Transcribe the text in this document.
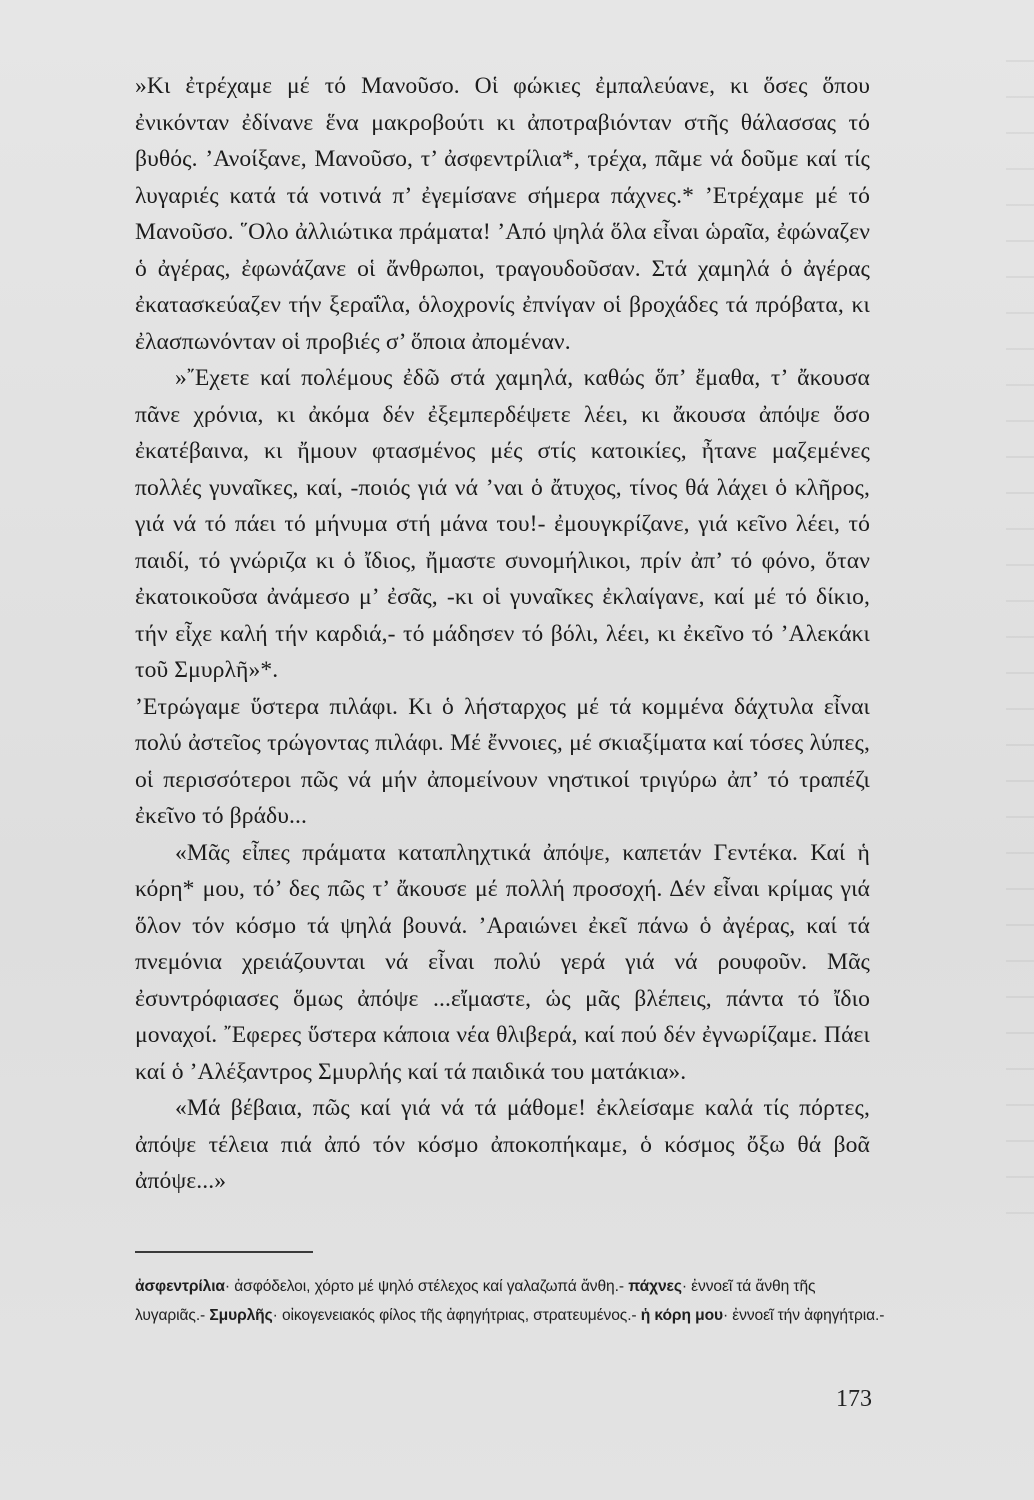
»Κι ἐτρέχαμε μέ τό Μανοῦσο. Οἱ φώκιες ἐμπαλεύανε, κι ὅσες ὅπου ἐνικόνταν ἐδίνανε ἕνα μακροβούτι κι ἀποτραβιόνταν στῆς θάλασσας τό βυθός. ’Ανοίξανε, Μανοῦσο, τ’ ἀσφεντρίλια*, τρέχα, πᾶμε νά δοῦμε καί τίς λυγαριές κατά τά νοτινά π’ ἐγεμίσανε σήμερα πάχνες.* ’Ετρέχαμε μέ τό Μανοῦσο. ῞Ολο ἀλλιώτικα πράματα! ’Από ψηλά ὅλα εἶναι ὡραῖα, ἐφώναζεν ὁ ἀγέρας, ἐφωνάζανε οἱ ἄνθρωποι, τραγουδοῦσαν. Στά χαμηλά ὁ ἀγέρας ἐκατασκεύαζεν τήν ξεραΐλα, ὁλοχρονίς ἐπνίγαν οἱ βροχάδες τά πρόβατα, κι ἐλασπωνόνταν οἱ προβιές σ’ ὅποια ἀπομέναν.

»῎Εχετε καί πολέμους ἐδῶ στά χαμηλά, καθώς ὅπ’ ἔμαθα, τ’ ἄκουσα πᾶνε χρόνια, κι ἀκόμα δέν ἐξεμπερδέψετε λέει, κι ἄκουσα ἀπόψε ὅσο ἐκατέβαινα, κι ἤμουν φτασμένος μές στίς κατοικίες, ἦτανε μαζεμένες πολλές γυναῖκες, καί, -ποιός γιά νά ’ναι ὁ ἄτυχος, τίνος θά λάχει ὁ κλῆρος, γιά νά τό πάει τό μήνυμα στή μάνα του!- ἐμουγκρίζανε, γιά κεῖνο λέει, τό παιδί, τό γνώριζα κι ὁ ἴδιος, ἤμαστε συνομήλικοι, πρίν ἀπ’ τό φόνο, ὅταν ἐκατοικοῦσα ἀνάμεσο μ’ ἐσᾶς, -κι οἱ γυναῖκες ἐκλαίγανε, καί μέ τό δίκιο, τήν εἶχε καλή τήν καρδιά,- τό μάδησεν τό βόλι, λέει, κι ἐκεῖνο τό ’Αλεκάκι τοῦ Σμυρλῆ»*.

’Ετρώγαμε ὕστερα πιλάφι. Κι ὁ λήσταρχος μέ τά κομμένα δάχτυλα εἶναι πολύ ἀστεῖος τρώγοντας πιλάφι. Μέ ἔννοιες, μέ σκιαξίματα καί τόσες λύπες, οἱ περισσότεροι πῶς νά μήν ἀπομείνουν νηστικοί τριγύρω ἀπ’ τό τραπέζι ἐκεῖνο τό βράδυ...

«Μᾶς εἶπες πράματα καταπληχτικά ἀπόψε, καπετάν Γεντέκα. Καί ἡ κόρη* μου, τό’ δες πῶς τ’ ἄκουσε μέ πολλή προσοχή. Δέν εἶναι κρίμας γιά ὅλον τόν κόσμο τά ψηλά βουνά. ’Αραιώνει ἐκεῖ πάνω ὁ ἀγέρας, καί τά πνεμόνια χρειάζουνται νά εἶναι πολύ γερά γιά νά ρουφοῦν. Μᾶς ἐσυντρόφιασες ὅμως ἀπόψε ...εἴμαστε, ὡς μᾶς βλέπεις, πάντα τό ἴδιο μοναχοί. ῎Εφερες ὕστερα κάποια νέα θλιβερά, καί πού δέν ἐγνωρίζαμε. Πάει καί ὁ ’Αλέξαντρος Σμυρλής καί τά παιδικά του ματάκια».

«Μά βέβαια, πῶς καί γιά νά τά μάθομε! ἐκλείσαμε καλά τίς πόρτες, ἀπόψε τέλεια πιά ἀπό τόν κόσμο ἀποκοπήκαμε, ὁ κόσμος ὄξω θά βοᾶ ἀπόψε...»

ἀσφεντρίλια· ἀσφόδελοι, χόρτο μέ ψηλό στέλεχος καί γαλαζωπά ἄνθη.- πάχνες· ἐννοεῖ τά ἄνθη τῆς λυγαριᾶς.- Σμυρλῆς· οἰκογενειακός φίλος τῆς ἀφηγήτριας, στρατευμένος.- ἡ κόρη μου· ἐννοεῖ τήν ἀφηγήτρια.-

173
